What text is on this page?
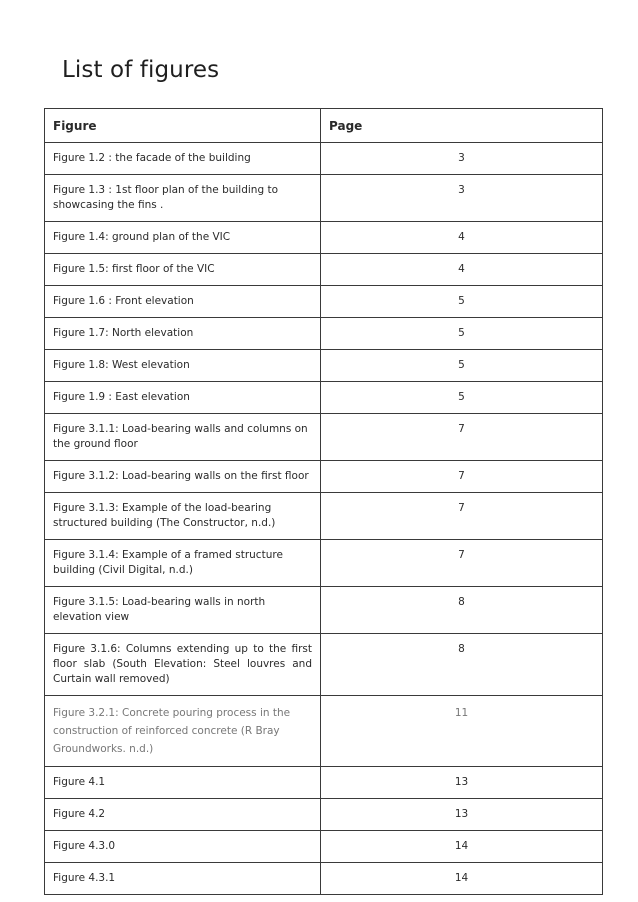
List of figures
Figure	Page
Figure 1.2 : the facade of the building	3
Figure 1.3 : 1st floor plan of the building to showcasing the fins .	3
Figure 1.4: ground plan of the VIC	4
Figure 1.5: first floor of the VIC	4
Figure 1.6 : Front elevation	5
Figure 1.7: North elevation	5
Figure 1.8: West elevation	5
Figure 1.9 : East elevation	5
Figure 3.1.1: Load-bearing walls and columns on the ground floor	7
Figure 3.1.2: Load-bearing walls on the first floor	7
Figure 3.1.3: Example of the load-bearing structured building (The Constructor, n.d.)	7
Figure 3.1.4: Example of a framed structure building (Civil Digital, n.d.)	7
Figure 3.1.5: Load-bearing walls in north elevation view	8
Figure 3.1.6: Columns extending up to the first floor slab (South Elevation: Steel louvres and Curtain wall removed)	8
Figure 3.2.1: Concrete pouring process in the construction of reinforced concrete (R Bray Groundworks. n.d.)	11
Figure 4.1	13
Figure 4.2	13
Figure 4.3.0	14
Figure 4.3.1	14
